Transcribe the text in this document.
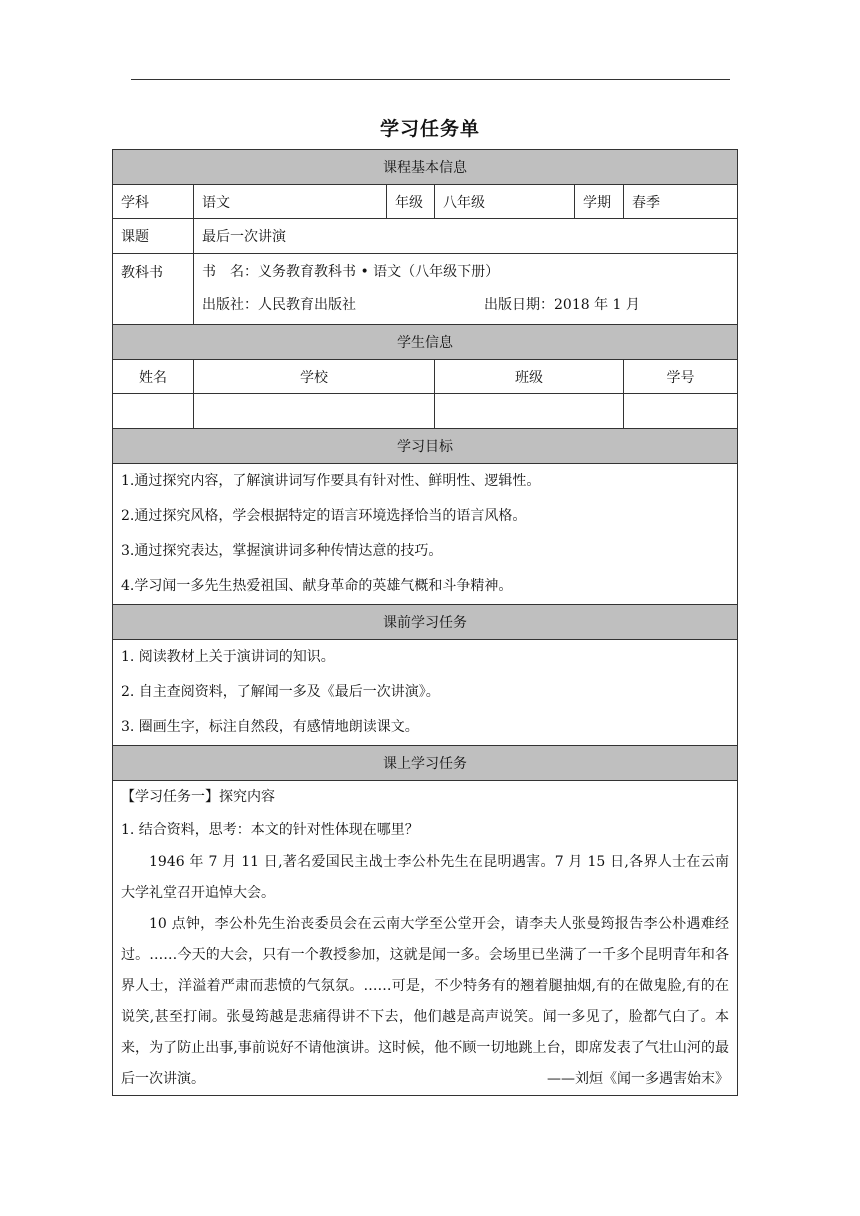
学习任务单
课程基本信息					
学科	语文	年级	八年级	学期	春季
课题	最后一次讲演				
教科书	书　名：义务教育教科书 • 语文（八年级下册）
出版社：人民教育出版社 出版日期：2018 年 1 月				

学生信息					
姓名	学校		班级		学号

学习目标					

1.通过探究内容，了解演讲词写作要具有针对性、鲜明性、逻辑性。
2.通过探究风格，学会根据特定的语言环境选择恰当的语言风格。
3.通过探究表达，掌握演讲词多种传情达意的技巧。
4.学习闻一多先生热爱祖国、献身革命的英雄气概和斗争精神。					

课前学习任务					

1. 阅读教材上关于演讲词的知识。
2. 自主查阅资料，了解闻一多及《最后一次讲演》。
3. 圈画生字，标注自然段，有感情地朗读课文。					

课上学习任务					

【学习任务一】探究内容
1. 结合资料，思考：本文的针对性体现在哪里？

1946 年 7 月 11 日,著名爱国民主战士李公朴先生在昆明遇害。7 月 15 日,各界人士在云南大学礼堂召开追悼大会。

10 点钟，李公朴先生治丧委员会在云南大学至公堂开会，请李夫人张曼筠报告李公朴遇难经过。……今天的大会，只有一个教授参加，这就是闻一多。会场里已坐满了一千多个昆明青年和各界人士，洋溢着严肃而悲愤的气氛氛。……可是，不少特务有的翘着腿抽烟,有的在做鬼脸,有的在说笑,甚至打闹。张曼筠越是悲痛得讲不下去，他们越是高声说笑。闻一多见了，脸都气白了。本来，为了防止出事,事前说好不请他演讲。这时候，他不顾一切地跳上台，即席发表了气壮山河的最后一次讲演。 ——刘烜《闻一多遇害始末》					
